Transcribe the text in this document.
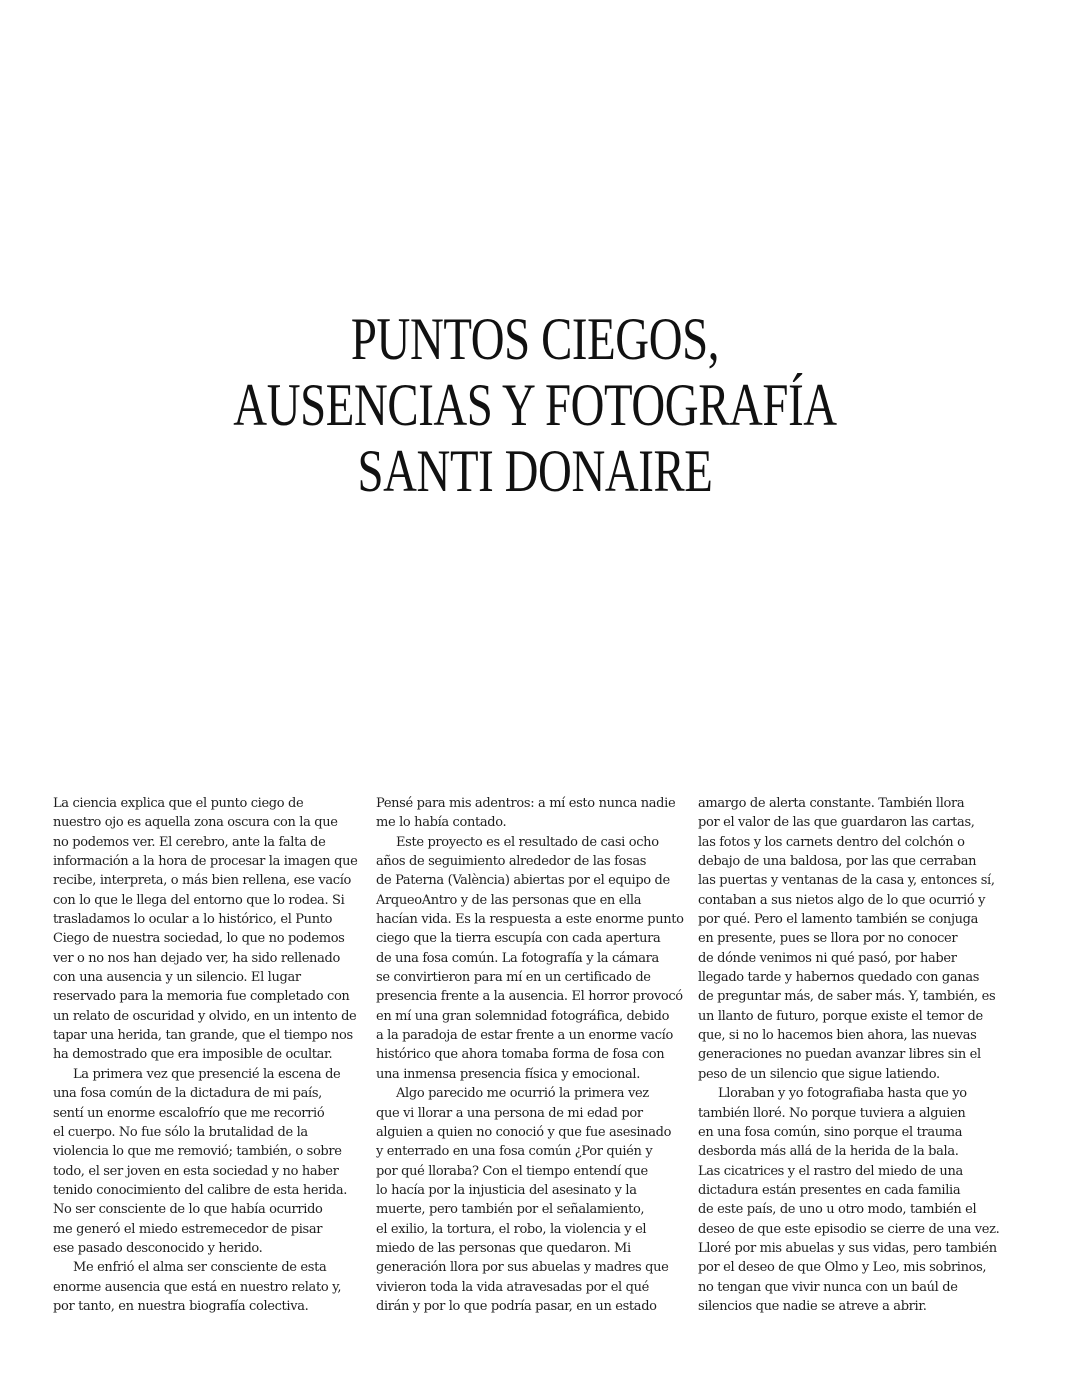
PUNTOS CIEGOS,
AUSENCIAS Y FOTOGRAFÍA
SANTI DONAIRE
La ciencia explica que el punto ciego de
nuestro ojo es aquella zona oscura con la que
no podemos ver. El cerebro, ante la falta de
información a la hora de procesar la imagen que
recibe, interpreta, o más bien rellena, ese vacío
con lo que le llega del entorno que lo rodea. Si
trasladamos lo ocular a lo histórico, el Punto
Ciego de nuestra sociedad, lo que no podemos
ver o no nos han dejado ver, ha sido rellenado
con una ausencia y un silencio. El lugar
reservado para la memoria fue completado con
un relato de oscuridad y olvido, en un intento de
tapar una herida, tan grande, que el tiempo nos
ha demostrado que era imposible de ocultar.
La primera vez que presencié la escena de
una fosa común de la dictadura de mi país,
sentí un enorme escalofrío que me recorrió
el cuerpo. No fue sólo la brutalidad de la
violencia lo que me removió; también, o sobre
todo, el ser joven en esta sociedad y no haber
tenido conocimiento del calibre de esta herida.
No ser consciente de lo que había ocurrido
me generó el miedo estremecedor de pisar
ese pasado desconocido y herido.
Me enfrió el alma ser consciente de esta
enorme ausencia que está en nuestro relato y,
por tanto, en nuestra biografía colectiva.
Pensé para mis adentros: a mí esto nunca nadie
me lo había contado.
Este proyecto es el resultado de casi ocho
años de seguimiento alrededor de las fosas
de Paterna (València) abiertas por el equipo de
ArqueoAntro y de las personas que en ella
hacían vida. Es la respuesta a este enorme punto
ciego que la tierra escupía con cada apertura
de una fosa común. La fotografía y la cámara
se convirtieron para mí en un certificado de
presencia frente a la ausencia. El horror provocó
en mí una gran solemnidad fotográfica, debido
a la paradoja de estar frente a un enorme vacío
histórico que ahora tomaba forma de fosa con
una inmensa presencia física y emocional.
Algo parecido me ocurrió la primera vez
que vi llorar a una persona de mi edad por
alguien a quien no conoció y que fue asesinado
y enterrado en una fosa común ¿Por quién y
por qué lloraba? Con el tiempo entendí que
lo hacía por la injusticia del asesinato y la
muerte, pero también por el señalamiento,
el exilio, la tortura, el robo, la violencia y el
miedo de las personas que quedaron. Mi
generación llora por sus abuelas y madres que
vivieron toda la vida atravesadas por el qué
dirán y por lo que podría pasar, en un estado
amargo de alerta constante. También llora
por el valor de las que guardaron las cartas,
las fotos y los carnets dentro del colchón o
debajo de una baldosa, por las que cerraban
las puertas y ventanas de la casa y, entonces sí,
contaban a sus nietos algo de lo que ocurrió y
por qué. Pero el lamento también se conjuga
en presente, pues se llora por no conocer
de dónde venimos ni qué pasó, por haber
llegado tarde y habernos quedado con ganas
de preguntar más, de saber más. Y, también, es
un llanto de futuro, porque existe el temor de
que, si no lo hacemos bien ahora, las nuevas
generaciones no puedan avanzar libres sin el
peso de un silencio que sigue latiendo.
Lloraban y yo fotografiaba hasta que yo
también lloré. No porque tuviera a alguien
en una fosa común, sino porque el trauma
desborda más allá de la herida de la bala.
Las cicatrices y el rastro del miedo de una
dictadura están presentes en cada familia
de este país, de uno u otro modo, también el
deseo de que este episodio se cierre de una vez.
Lloré por mis abuelas y sus vidas, pero también
por el deseo de que Olmo y Leo, mis sobrinos,
no tengan que vivir nunca con un baúl de
silencios que nadie se atreve a abrir.
